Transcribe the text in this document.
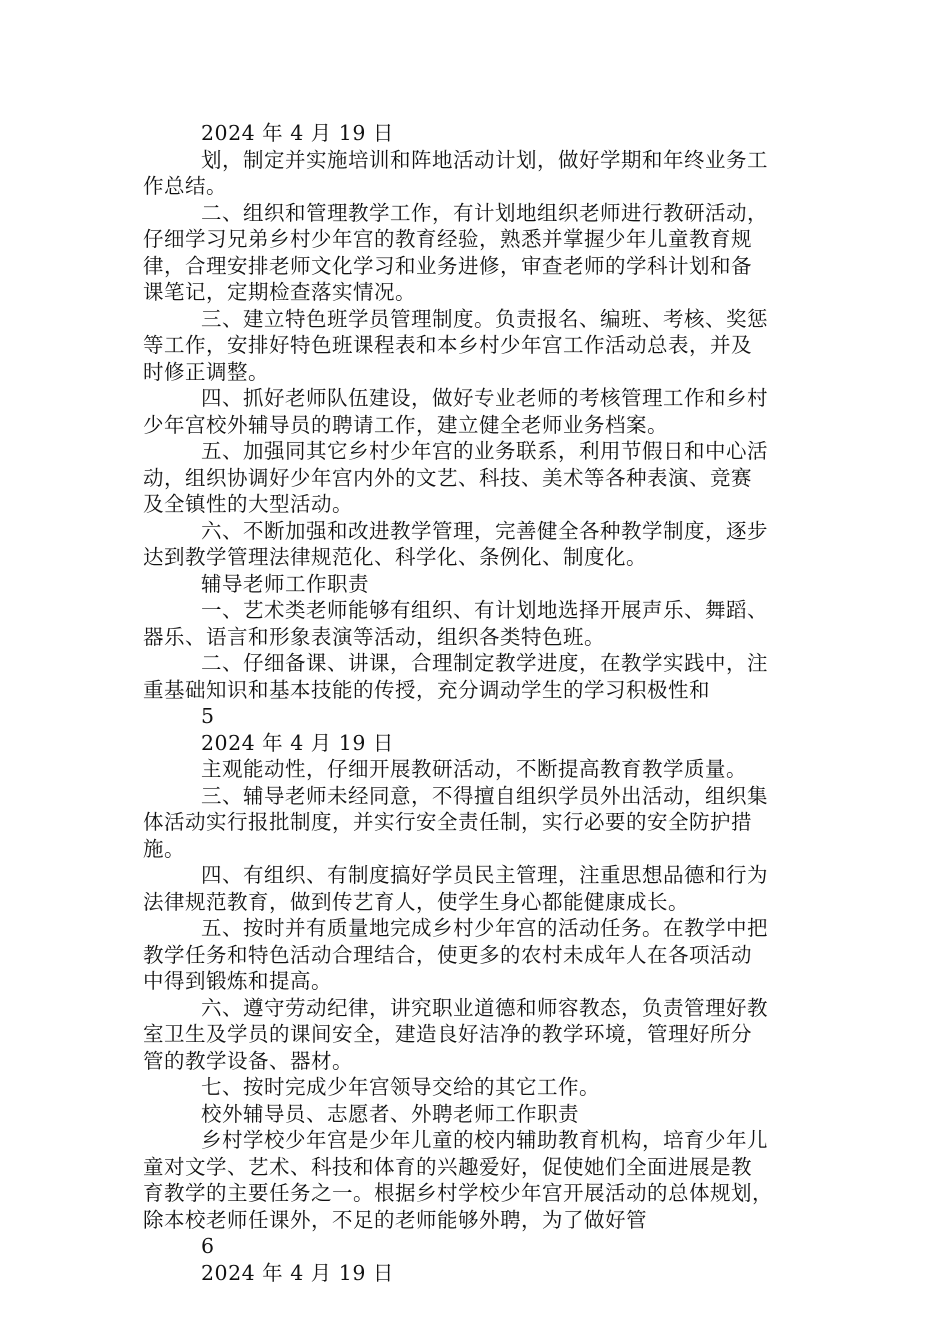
2024 年 4 月 19 日
划，制定并实施培训和阵地活动计划，做好学期和年终业务工
作总结。
二、组织和管理教学工作，有计划地组织老师进行教研活动，
仔细学习兄弟乡村少年宫的教育经验，熟悉并掌握少年儿童教育规
律，合理安排老师文化学习和业务进修，审查老师的学科计划和备
课笔记，定期检查落实情况。
三、建立特色班学员管理制度。负责报名、编班、考核、奖惩
等工作，安排好特色班课程表和本乡村少年宫工作活动总表，并及
时修正调整。
四、抓好老师队伍建设，做好专业老师的考核管理工作和乡村
少年宫校外辅导员的聘请工作，建立健全老师业务档案。
五、加强同其它乡村少年宫的业务联系，利用节假日和中心活
动，组织协调好少年宫内外的文艺、科技、美术等各种表演、竞赛
及全镇性的大型活动。
六、不断加强和改进教学管理，完善健全各种教学制度，逐步
达到教学管理法律规范化、科学化、条例化、制度化。
辅导老师工作职责
一、艺术类老师能够有组织、有计划地选择开展声乐、舞蹈、
器乐、语言和形象表演等活动，组织各类特色班。
二、仔细备课、讲课，合理制定教学进度，在教学实践中，注
重基础知识和基本技能的传授，充分调动学生的学习积极性和
5
2024 年 4 月 19 日
主观能动性，仔细开展教研活动，不断提高教育教学质量。
三、辅导老师未经同意，不得擅自组织学员外出活动，组织集
体活动实行报批制度，并实行安全责任制，实行必要的安全防护措
施。
四、有组织、有制度搞好学员民主管理，注重思想品德和行为
法律规范教育，做到传艺育人，使学生身心都能健康成长。
五、按时并有质量地完成乡村少年宫的活动任务。在教学中把
教学任务和特色活动合理结合，使更多的农村未成年人在各项活动
中得到锻炼和提高。
六、遵守劳动纪律，讲究职业道德和师容教态，负责管理好教
室卫生及学员的课间安全，建造良好洁净的教学环境，管理好所分
管的教学设备、器材。
七、按时完成少年宫领导交给的其它工作。
校外辅导员、志愿者、外聘老师工作职责
乡村学校少年宫是少年儿童的校内辅助教育机构，培育少年儿
童对文学、艺术、科技和体育的兴趣爱好，促使她们全面进展是教
育教学的主要任务之一。根据乡村学校少年宫开展活动的总体规划，
除本校老师任课外，不足的老师能够外聘，为了做好管
6
2024 年 4 月 19 日
